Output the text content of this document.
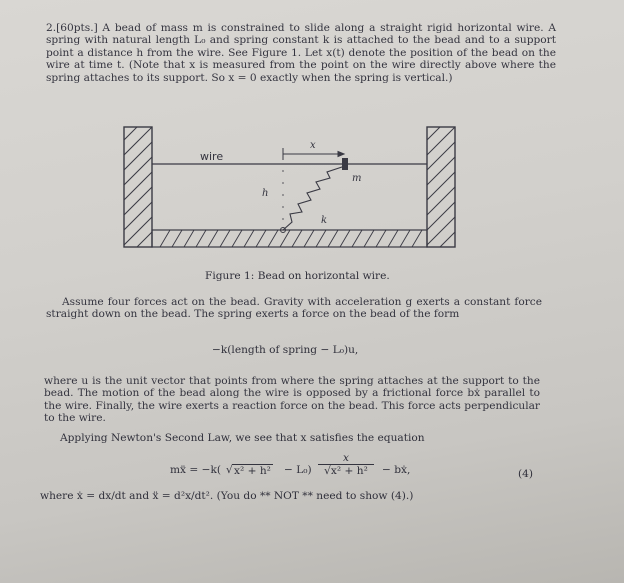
2.[60pts.] A bead of mass m is constrained to slide along a straight rigid horizontal wire. A spring with natural length L₀ and spring constant k is attached to the bead and to a support point a distance h from the wire. See Figure 1. Let x(t) denote the position of the bead on the wire at time t. (Note that x is measured from the point on the wire directly above where the spring attaches to its support. So x = 0 exactly when the spring is vertical.)

wire
x
m
h
k
Figure 1: Bead on horizontal wire.

Assume four forces act on the bead. Gravity with acceleration g exerts a constant force straight down on the bead. The spring exerts a force on the bead of the form

−k(length of spring − L₀)u,

where u is the unit vector that points from where the spring attaches at the support to the bead. The motion of the bead along the wire is opposed by a frictional force bẋ parallel to the wire. Finally, the wire exerts a reaction force on the bead. This force acts perpendicular to the wire.

Applying Newton's Second Law, we see that x satisfies the equation
mẍ = −k( x² + h²
√	− $L_0) \frac{x}{\text{√x² + h²}}$ − bẋ,	(4)
where ẋ = dx/dt and ẍ = d²x/dt². (You do ** NOT ** need to show (4).)
